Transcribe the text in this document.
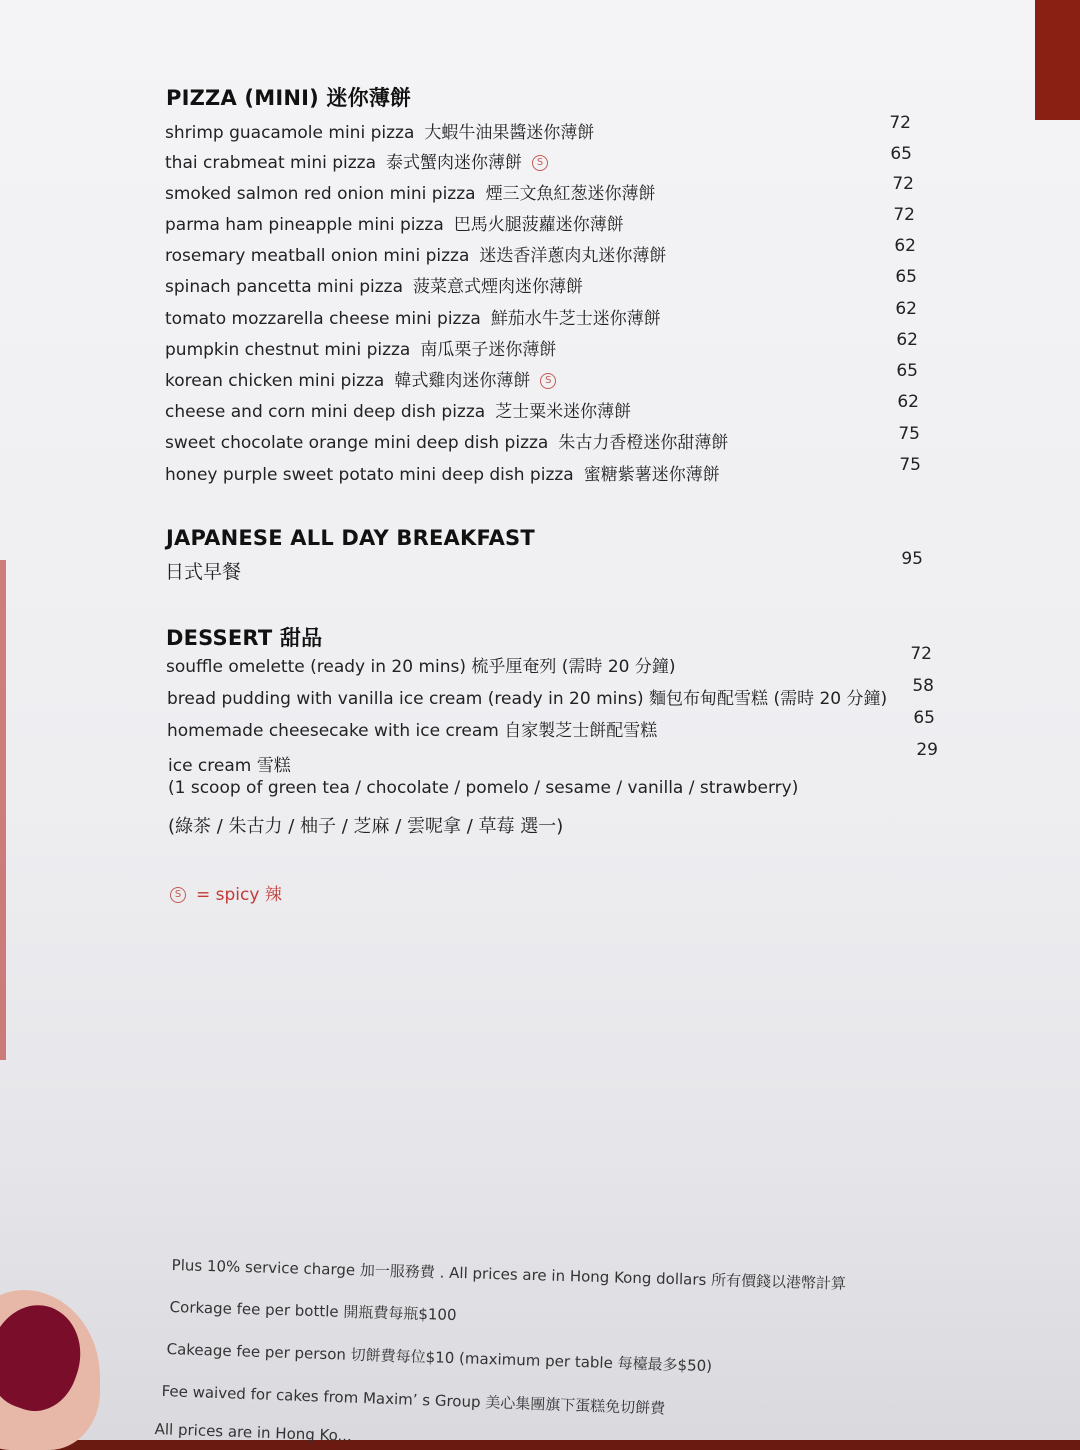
PIZZA (MINI) 迷你薄餅
shrimp guacamole mini pizza 大蝦牛油果醬迷你薄餅	72
thai crabmeat mini pizza 泰式蟹肉迷你薄餅 S	65
smoked salmon red onion mini pizza 煙三文魚紅葱迷你薄餅	72
parma ham pineapple mini pizza 巴馬火腿菠蘿迷你薄餅	72
rosemary meatball onion mini pizza 迷迭香洋蔥肉丸迷你薄餅	62
spinach pancetta mini pizza 菠菜意式煙肉迷你薄餅	65
tomato mozzarella cheese mini pizza 鮮茄水牛芝士迷你薄餅	62
pumpkin chestnut mini pizza 南瓜栗子迷你薄餅	62
korean chicken mini pizza 韓式雞肉迷你薄餅 S	65
cheese and corn mini deep dish pizza 芝士粟米迷你薄餅	62
sweet chocolate orange mini deep dish pizza 朱古力香橙迷你甜薄餅	75
honey purple sweet potato mini deep dish pizza 蜜糖紫薯迷你薄餅	75
JAPANESE ALL DAY BREAKFAST
日式早餐
95
DESSERT 甜品
souffle omelette (ready in 20 mins) 梳乎厘奄列 (需時 20 分鐘)
72
bread pudding with vanilla ice cream (ready in 20 mins) 麵包布甸配雪糕 (需時 20 分鐘)
58
homemade cheesecake with ice cream 自家製芝士餅配雪糕
65
ice cream 雪糕
29
(1 scoop of green tea / chocolate / pomelo / sesame / vanilla / strawberry)
(綠茶 / 朱古力 / 柚子 / 芝麻 / 雲呢拿 / 草莓 選一)
S = spicy 辣
Plus 10% service charge 加一服務費 . All prices are in Hong Kong dollars 所有價錢以港幣計算
Corkage fee per bottle 開瓶費每瓶$100
Cakeage fee per person 切餅費每位$10 (maximum per table 每檯最多$50)
Fee waived for cakes from Maxim’ s Group 美心集團旗下蛋糕免切餅費
All prices are in Hong Ko...
